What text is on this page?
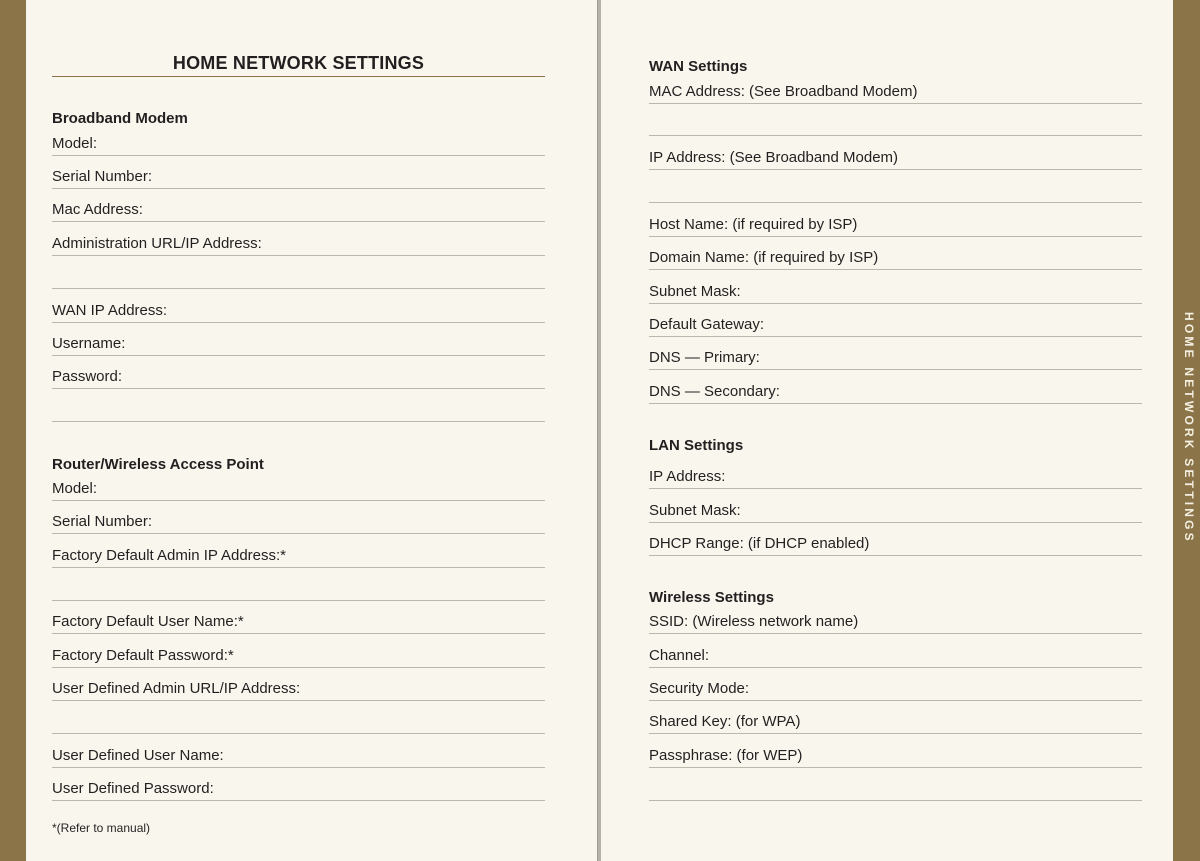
HOME NETWORK SETTINGS
Broadband Modem
Model:
Serial Number:
Mac Address:
Administration URL/IP Address:
WAN IP Address:
Username:
Password:
Router/Wireless Access Point
Model:
Serial Number:
Factory Default Admin IP Address:*
Factory Default User Name:*
Factory Default Password:*
User Defined Admin URL/IP Address:
User Defined User Name:
User Defined Password:
*(Refer to manual)
WAN Settings
MAC Address: (See Broadband Modem)
IP Address: (See Broadband Modem)
Host Name: (if required by ISP)
Domain Name: (if required by ISP)
Subnet Mask:
Default Gateway:
DNS — Primary:
DNS — Secondary:
LAN Settings
IP Address:
Subnet Mask:
DHCP Range: (if DHCP enabled)
Wireless Settings
SSID: (Wireless network name)
Channel:
Security Mode:
Shared Key: (for WPA)
Passphrase: (for WEP)
HOME NETWORK SETTINGS
